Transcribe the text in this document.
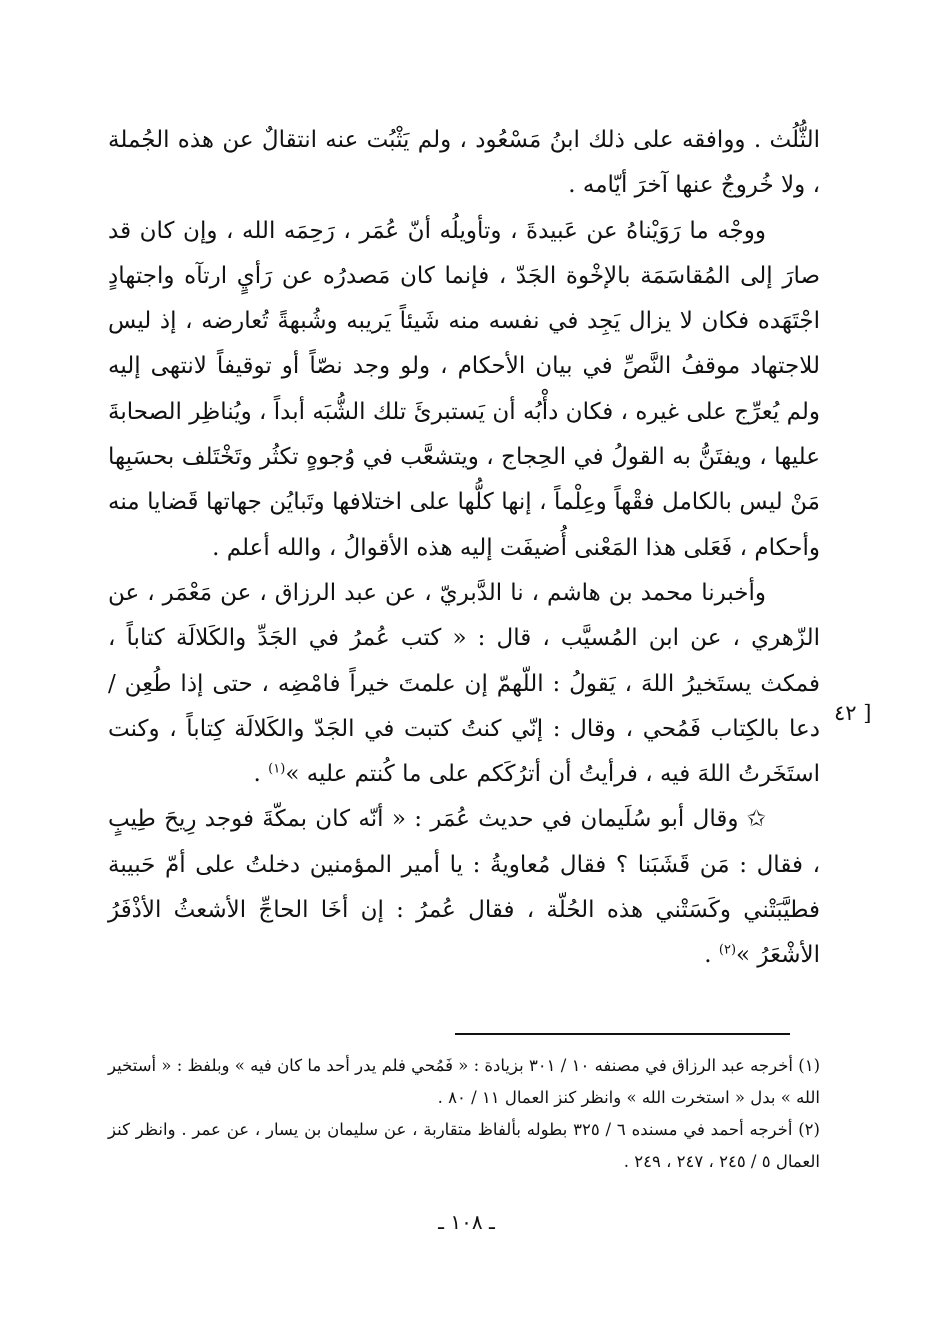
الثُّلُث . ووافقه على ذلك ابنُ مَسْعُود ، ولم يَثْبُت عنه انتقالٌ عن هذه الجُملة ، ولا خُروجٌ عنها آخرَ أيّامه .

ووجْه ما رَوَيْناهُ عن عَبيدةَ ، وتأويلُه أنّ عُمَر ، رَحِمَه الله ، وإن كان قد صارَ إلى المُقاسَمَة بالإخْوة الجَدّ ، فإنما كان مَصدرُه عن رَأيٍ ارتآه واجتهادٍ اجْتَهَده فكان لا يزال يَجِد في نفسه منه شَيئاً يَريبه وشُبهةً تُعارضه ، إذ ليس للاجتهاد موقفُ النَّصِّ في بيان الأحكام ، ولو وجد نصّاً أو توقيفاً لانتهى إليه ولم يُعرِّج على غيره ، فكان دأْبُه أن يَستبرئَ تلك الشُّبَه أبداً ، ويُناظِر الصحابةَ عليها ، ويفتَنُّ به القولُ في الحِجاج ، ويتشعَّب في وُجوهٍ تكثُر وتَخْتَلف بحسَبِها مَنْ ليس بالكامل فقْهاً وعِلْماً ، إنها كلُّها على اختلافها وتَبايُن جهاتها قَضايا منه وأحكام ، فَعَلى هذا المَعْنى أُضيفَت إليه هذه الأقوالُ ، والله أعلم .

وأخبرنا محمد بن هاشم ، نا الدَّبريّ ، عن عبد الرزاق ، عن مَعْمَر ، عن الزّهري ، عن ابن المُسيَّب ، قال : « كتب عُمرُ في الجَدِّ والكَلالَة كتاباً ، فمكث يستَخيرُ اللهَ ، يَقولُ : اللّهمّ إن علمتَ خيراً فامْضِه ، حتى إذا طُعِن / دعا بالكِتاب فَمُحي ، وقال : إنّي كنتُ كتبت في الجَدّ والكَلالَة كِتاباً ، وكنت استَخَرتُ اللهَ فيه ، فرأيتُ أن أترُكَكم على ما كُنتم عليه »$^{(١)}$ .

✩ وقال أبو سُلَيمان في حديث عُمَر : « أنّه كان بمكّةَ فوجد رِيحَ طِيبٍ ، فقال : مَن قَشَبَنا ؟ فقال مُعاويةُ : يا أمير المؤمنين دخلتُ على أمّ حَبيبة فطيَّبَتْني وكَسَتْني هذه الحُلّة ، فقال عُمرُ : إن أخَا الحاجِّ الأشعثُ الأذْفَرُ الأشْعَرُ »$^{(٢)}$ .

[ ٤٢

(١) أخرجه عبد الرزاق في مصنفه ١٠ / ٣٠١ بزيادة : « فَمُحي فلم يدر أحد ما كان فيه » وبلفظ : « أستخير الله » بدل « استخرت الله » وانظر كنز العمال ١١ / ٨٠ .

(٢) أخرجه أحمد في مسنده ٦ / ٣٢٥ بطوله بألفاظ متقاربة ، عن سليمان بن يسار ، عن عمر . وانظر كنز العمال ٥ / ٢٤٥ ، ٢٤٧ ، ٢٤٩ .

ـ ١٠٨ ـ
